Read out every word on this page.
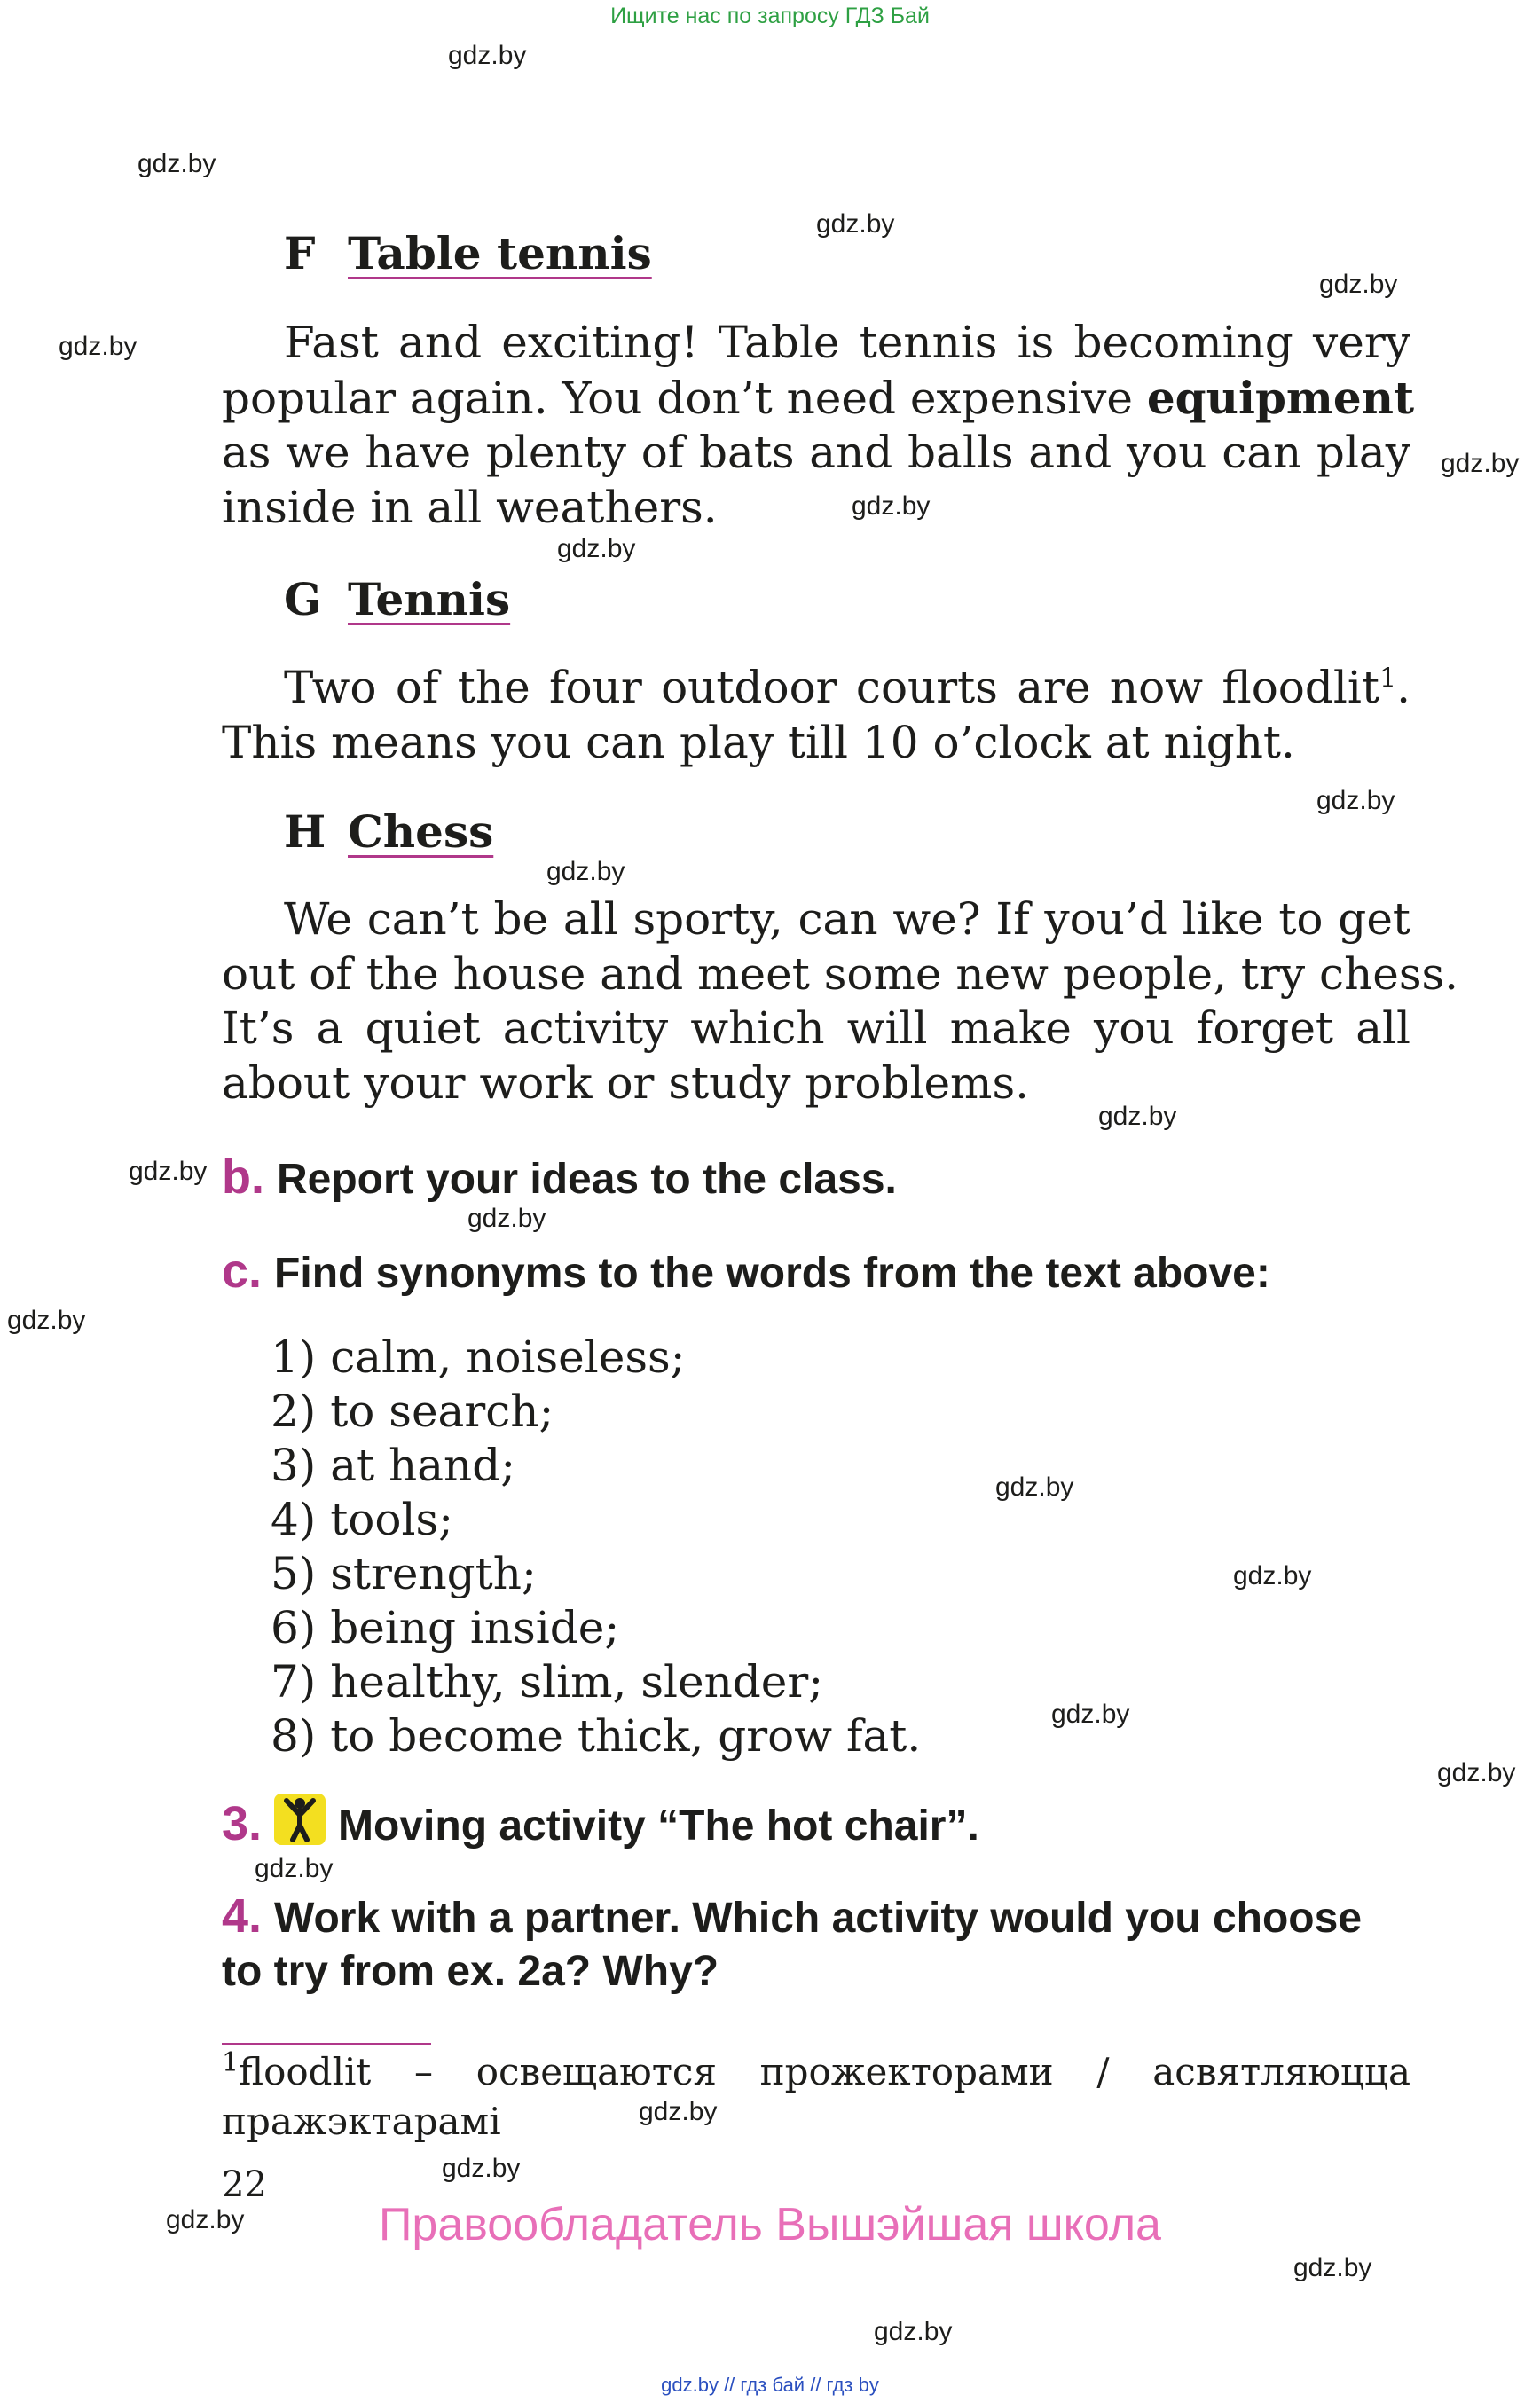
Ищите нас по запросу ГДЗ Бай
gdz.by
gdz.by
gdz.by
gdz.by
gdz.by
gdz.by
gdz.by
gdz.by
gdz.by
gdz.by
gdz.by
gdz.by
gdz.by
gdz.by
gdz.by
gdz.by
gdz.by
gdz.by
gdz.by
gdz.by
gdz.by
gdz.by
gdz.by
gdz.by
F Table tennis
Fast and exciting! Table tennis is becoming very
popular again. You don’t need expensive equipment
as we have plenty of bats and balls and you can play
inside in all weathers.
G Tennis
Two of the four outdoor courts are now floodlit$^1$.
This means you can play till 10 o’clock at night.
H Chess
We can’t be all sporty, can we? If you’d like to get
out of the house and meet some new people, try chess.
It’s a quiet activity which will make you forget all
about your work or study problems.
b. Report your ideas to the class.
c. Find synonyms to the words from the text above:
1) calm, noiseless;
2) to search;
3) at hand;
4) tools;
5) strength;
6) being inside;
7) healthy, slim, slender;
8) to become thick, grow fat.
3. Moving activity “The hot chair”.
4. Work with a partner. Which activity would you choose
to try from ex. 2a? Why?
$^1$floodlit – освещаются прожекторами / асвятляюцца
пражэктарамі
22
Правообладатель Вышэйшая школа
gdz.by // гдз бай // гдз by
